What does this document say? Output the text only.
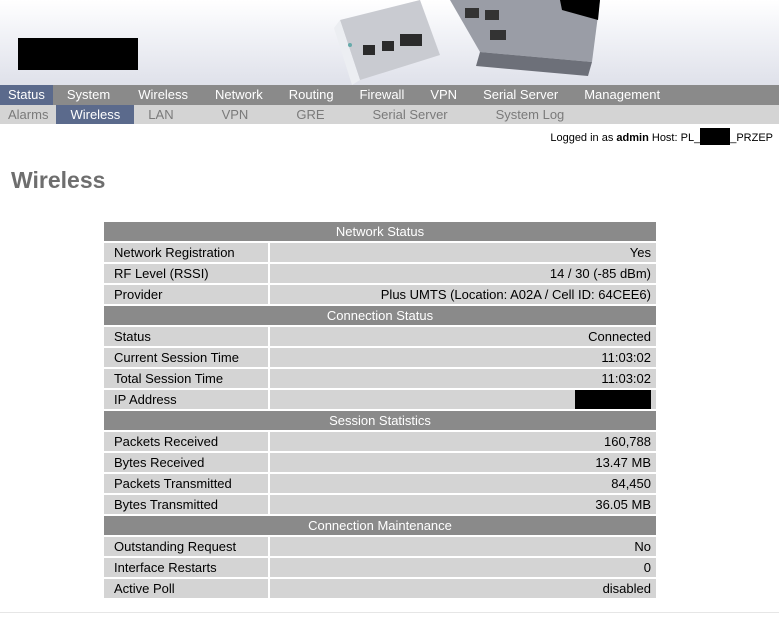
Status	System	Wireless	Network	Routing	Firewall	VPN	Serial Server	Management
Alarms	Wireless	LAN	VPN	GRE	Serial Server	System Log
Logged in as admin Host: PL_	_PRZEP
Wireless
Network Status	
Network Registration	Yes
RF Level (RSSI)	14 / 30 (-85 dBm)
Provider	Plus UMTS (Location: A02A / Cell ID: 64CEE6)
Connection Status	
Status	Connected
Current Session Time	11:03:02
Total Session Time	11:03:02
IP Address	
Session Statistics	
Packets Received	160,788
Bytes Received	13.47 MB
Packets Transmitted	84,450
Bytes Transmitted	36.05 MB
Connection Maintenance	
Outstanding Request	No
Interface Restarts	0
Active Poll	disabled
